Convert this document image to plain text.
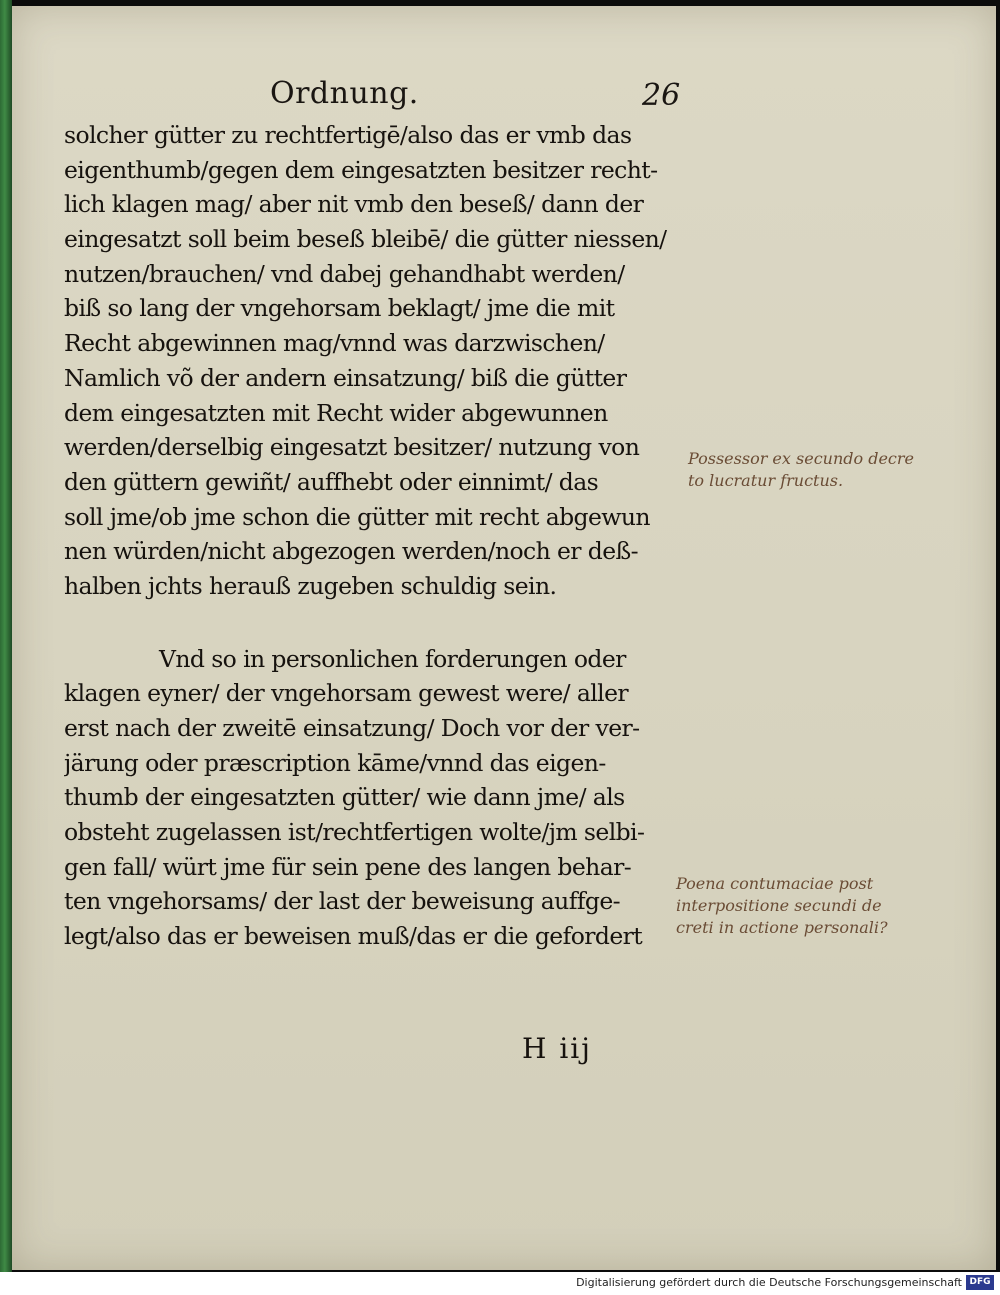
Ordnung.	26
solcher gütter zu rechtfertigē/also das er vmb das
eigenthumb/gegen dem eingesatzten besitzer recht-
lich klagen mag/ aber nit vmb den beseß/ dann der
eingesatzt soll beim beseß bleibē/ die gütter niessen/
nutzen/brauchen/ vnd dabej gehandhabt werden/
biß so lang der vngehorsam beklagt/ jme die mit
Recht abgewinnen mag/vnnd was darzwischen/
Namlich võ der andern einsatzung/ biß die gütter
dem eingesatzten mit Recht wider abgewunnen
werden/derselbig eingesatzt besitzer/ nutzung von
den güttern gewiñt/ auffhebt oder einnimt/ das
soll jme/ob jme schon die gütter mit recht abgewun
nen würden/nicht abgezogen werden/noch er deß-
halben jchts herauß zugeben schuldig sein.
Vnd so in personlichen forderungen oder
klagen eyner/ der vngehorsam gewest were/ aller
erst nach der zweitē einsatzung/ Doch vor der ver-
järung oder præscription kāme/vnnd das eigen-
thumb der eingesatzten gütter/ wie dann jme/ als
obsteht zugelassen ist/rechtfertigen wolte/jm selbi-
gen fall/ würt jme für sein pene des langen behar-
ten vngehorsams/ der last der beweisung auffge-
legt/also das er beweisen muß/das er die gefordert
H iij
Possessor ex secundo decre
to lucratur fructus.
Poena contumaciae post
interpositione secundi de
creti in actione personali?
Digitalisierung gefördert durch die Deutsche Forschungsgemeinschaft DFG
